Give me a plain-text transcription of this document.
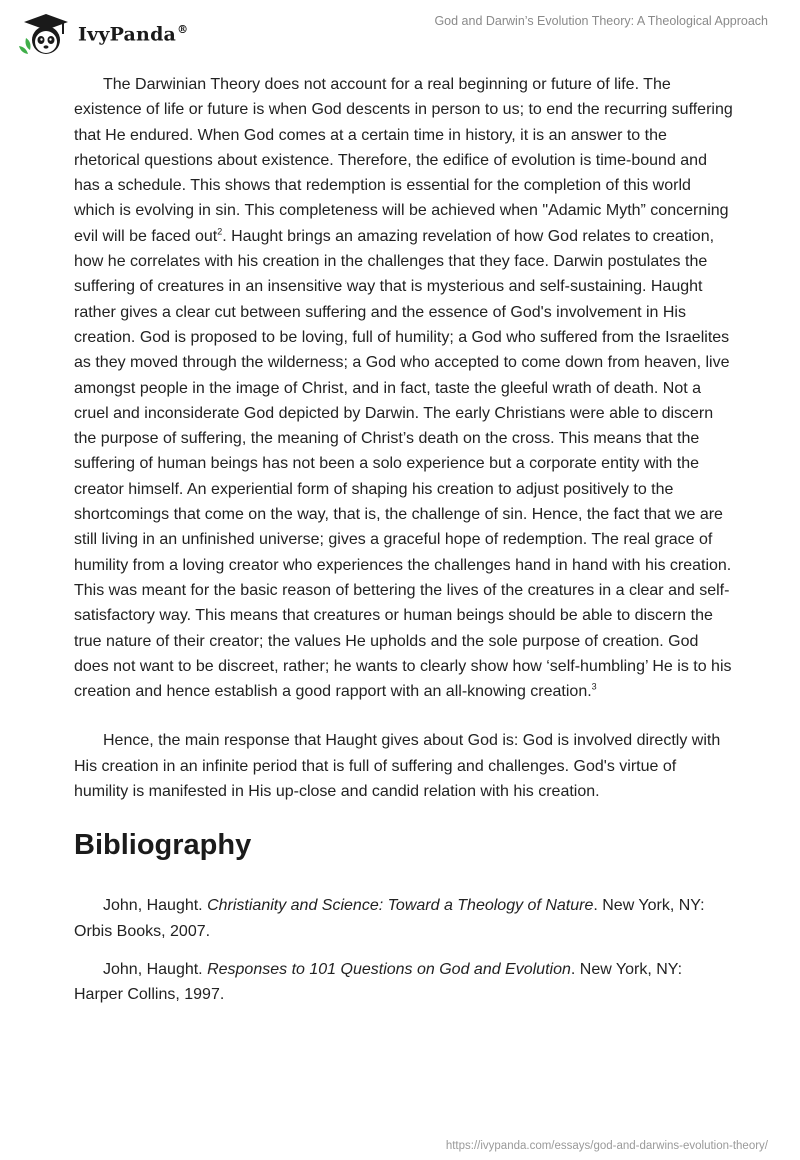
IvyPanda®
God and Darwin’s Evolution Theory: A Theological Approach

The Darwinian Theory does not account for a real beginning or future of life. The existence of life or future is when God descents in person to us; to end the recurring suffering that He endured. When God comes at a certain time in history, it is an answer to the rhetorical questions about existence. Therefore, the edifice of evolution is time-bound and has a schedule. This shows that redemption is essential for the completion of this world which is evolving in sin. This completeness will be achieved when "Adamic Myth” concerning evil will be faced out$^2$. Haught brings an amazing revelation of how God relates to creation, how he correlates with his creation in the challenges that they face. Darwin postulates the suffering of creatures in an insensitive way that is mysterious and self-sustaining. Haught rather gives a clear cut between suffering and the essence of God's involvement in His creation. God is proposed to be loving, full of humility; a God who suffered from the Israelites as they moved through the wilderness; a God who accepted to come down from heaven, live amongst people in the image of Christ, and in fact, taste the gleeful wrath of death. Not a cruel and inconsiderate God depicted by Darwin. The early Christians were able to discern the purpose of suffering, the meaning of Christ’s death on the cross. This means that the suffering of human beings has not been a solo experience but a corporate entity with the creator himself. An experiential form of shaping his creation to adjust positively to the shortcomings that come on the way, that is, the challenge of sin. Hence, the fact that we are still living in an unfinished universe; gives a graceful hope of redemption. The real grace of humility from a loving creator who experiences the challenges hand in hand with his creation. This was meant for the basic reason of bettering the lives of the creatures in a clear and self-satisfactory way. This means that creatures or human beings should be able to discern the true nature of their creator; the values He upholds and the sole purpose of creation. God does not want to be discreet, rather; he wants to clearly show how ‘self-humbling’ He is to his creation and hence establish a good rapport with an all-knowing creation.$^3$

Hence, the main response that Haught gives about God is: God is involved directly with His creation in an infinite period that is full of suffering and challenges. God's virtue of humility is manifested in His up-close and candid relation with his creation.

Bibliography

John, Haught. Christianity and Science: Toward a Theology of Nature. New York, NY: Orbis Books, 2007.

John, Haught. Responses to 101 Questions on God and Evolution. New York, NY: Harper Collins, 1997.

https://ivypanda.com/essays/god-and-darwins-evolution-theory/
